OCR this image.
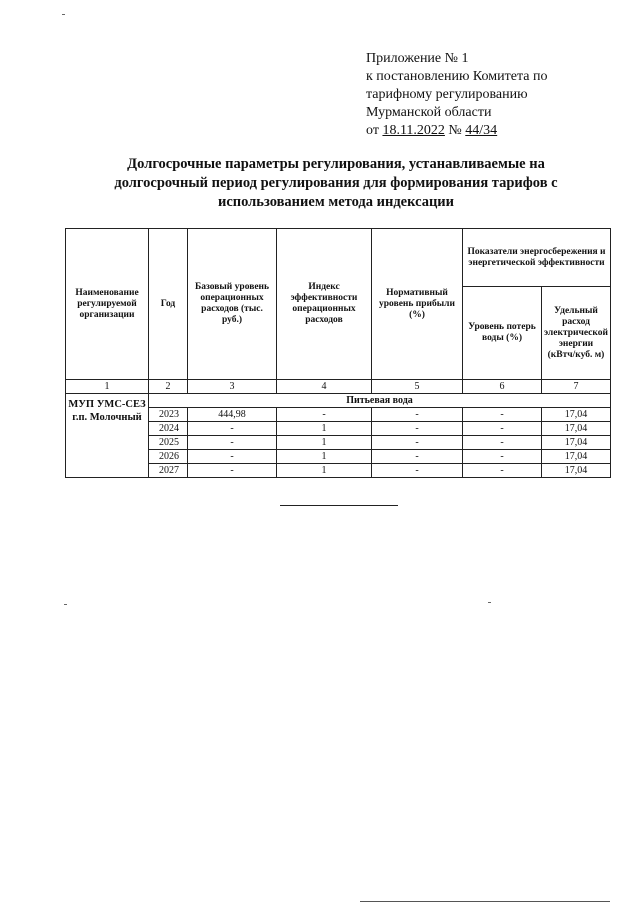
Приложение № 1
к постановлению Комитета по
тарифному регулированию
Мурманской области
от 18.11.2022 № 44/34
Долгосрочные параметры регулирования, устанавливаемые на
долгосрочный период регулирования для формирования тарифов с
использованием метода индексации
Наименование регулируемой организации	Год	Базовый уровень операционных расходов (тыс. руб.)	Индекс эффективности операционных расходов	Нормативный уровень прибыли (%)	Показатели энергосбережения и энергетической эффективности	
					Уровень потерь воды (%)	Удельный расход электрической энергии (кВтч/куб. м)
1	2	3	4	5	6	7
МУП УМС-СЕЗ г.п. Молочный	Питьевая вода					
	2023	444,98	-	-	-	17,04
	2024	-	1	-	-	17,04
	2025	-	1	-	-	17,04
	2026	-	1	-	-	17,04
	2027	-	1	-	-	17,04
